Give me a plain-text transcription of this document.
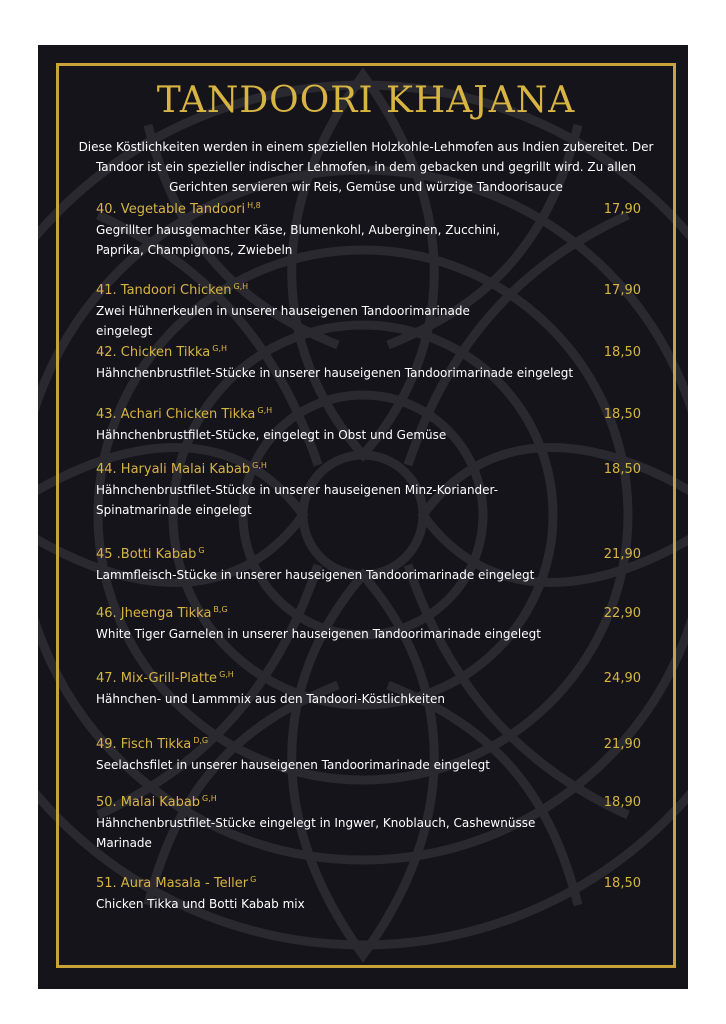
TANDOORI KHAJANA

Diese Köstlichkeiten werden in einem speziellen Holzkohle-Lehmofen aus Indien zubereitet. Der Tandoor ist ein spezieller indischer Lehmofen, in dem gebacken und gegrillt wird. Zu allen Gerichten servieren wir Reis, Gemüse und würzige Tandoorisauce

40. Vegetable Tandoori $^{H,8}$
Gegrillter hausgemachter Käse, Blumenkohl, Auberginen, Zucchini, Paprika, Champignons, Zwiebeln
17,90
41. Tandoori Chicken $^{G,H}$
Zwei Hühnerkeulen in unserer hauseigenen Tandoorimarinade eingelegt
17,90
42. Chicken Tikka $^{G,H}$
Hähnchenbrustfilet-Stücke in unserer hauseigenen Tandoorimarinade eingelegt
18,50
43. Achari Chicken Tikka $^{G,H}$
Hähnchenbrustfilet-Stücke, eingelegt in Obst und Gemüse
18,50
44. Haryali Malai Kabab $^{G,H}$
Hähnchenbrustfilet-Stücke in unserer hauseigenen Minz-Koriander-Spinatmarinade eingelegt
18,50
45 .Botti Kabab $^G$
Lammfleisch-Stücke in unserer hauseigenen Tandoorimarinade eingelegt
21,90
46. Jheenga Tikka $^{B,G}$
White Tiger Garnelen in unserer hauseigenen Tandoorimarinade eingelegt
22,90
47. Mix-Grill-Platte $^{G,H}$
Hähnchen- und Lammmix aus den Tandoori-Köstlichkeiten
24,90
49. Fisch Tikka $^{D,G}$
Seelachsfilet in unserer hauseigenen Tandoorimarinade eingelegt
21,90
50. Malai Kabab $^{G,H}$
Hähnchenbrustfilet-Stücke eingelegt in Ingwer, Knoblauch, Cashewnüsse Marinade
18,90
51. Aura Masala - Teller $^G$
Chicken Tikka und Botti Kabab mix
18,50
